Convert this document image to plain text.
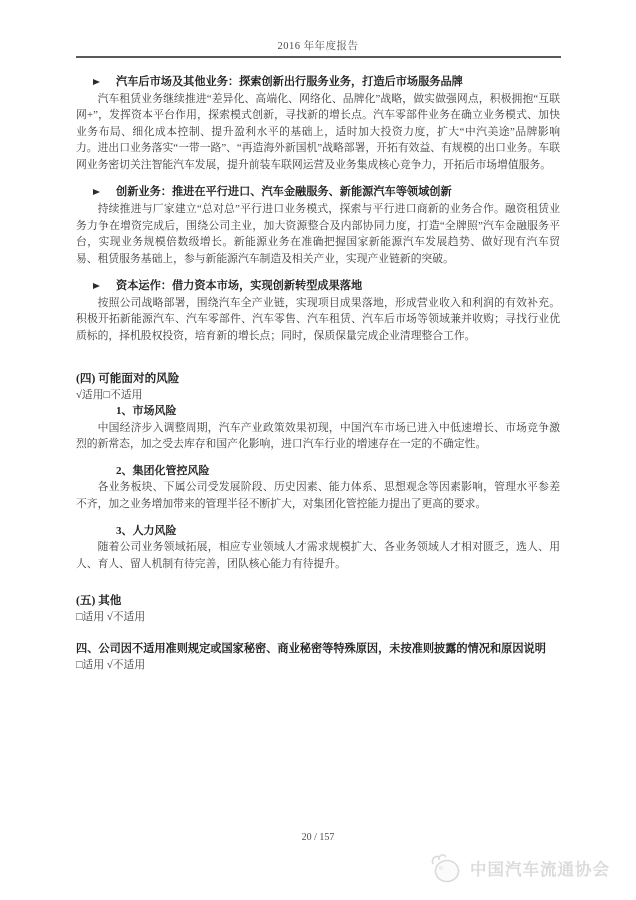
2016 年年度报告

汽车后市场及其他业务：探索创新出行服务业务，打造后市场服务品牌

汽车租赁业务继续推进“差异化、高端化、网络化、品牌化”战略，做实做强网点，积极拥抱“互联网+”，发挥资本平台作用，探索模式创新，寻找新的增长点。汽车零部件业务在确立业务模式、加快业务布局、细化成本控制、提升盈利水平的基础上，适时加大投资力度，扩大“中汽美途”品牌影响力。进出口业务落实“一带一路”、“再造海外新国机”战略部署，开拓有效益、有规模的出口业务。车联网业务密切关注智能汽车发展，提升前装车联网运营及业务集成核心竞争力，开拓后市场增值服务。

创新业务：推进在平行进口、汽车金融服务、新能源汽车等领域创新

持续推进与厂家建立“总对总”平行进口业务模式，探索与平行进口商新的业务合作。融资租赁业务力争在增资完成后，围绕公司主业，加大资源整合及内部协同力度，打造“全牌照”汽车金融服务平台，实现业务规模倍数级增长。新能源业务在准确把握国家新能源汽车发展趋势、做好现有汽车贸易、租赁服务基础上，参与新能源汽车制造及相关产业，实现产业链新的突破。

资本运作：借力资本市场，实现创新转型成果落地

按照公司战略部署，围绕汽车全产业链，实现项目成果落地，形成营业收入和利润的有效补充。积极开拓新能源汽车、汽车零部件、汽车零售、汽车租赁、汽车后市场等领域兼并收购；寻找行业优质标的，择机股权投资，培育新的增长点；同时，保质保量完成企业清理整合工作。

(四) 可能面对的风险

√适用□不适用

1、市场风险

中国经济步入调整周期，汽车产业政策效果初现，中国汽车市场已进入中低速增长、市场竞争激烈的新常态，加之受去库存和国产化影响，进口汽车行业的增速存在一定的不确定性。

2、集团化管控风险

各业务板块、下属公司受发展阶段、历史因素、能力体系、思想观念等因素影响，管理水平参差不齐，加之业务增加带来的管理半径不断扩大，对集团化管控能力提出了更高的要求。

3、人力风险

随着公司业务领域拓展，相应专业领域人才需求规模扩大、各业务领域人才相对匮乏，选人、用人、育人、留人机制有待完善，团队核心能力有待提升。

(五) 其他

□适用 √不适用

四、公司因不适用准则规定或国家秘密、商业秘密等特殊原因，未按准则披露的情况和原因说明

□适用 √不适用

20 / 157
中国汽车流通协会
